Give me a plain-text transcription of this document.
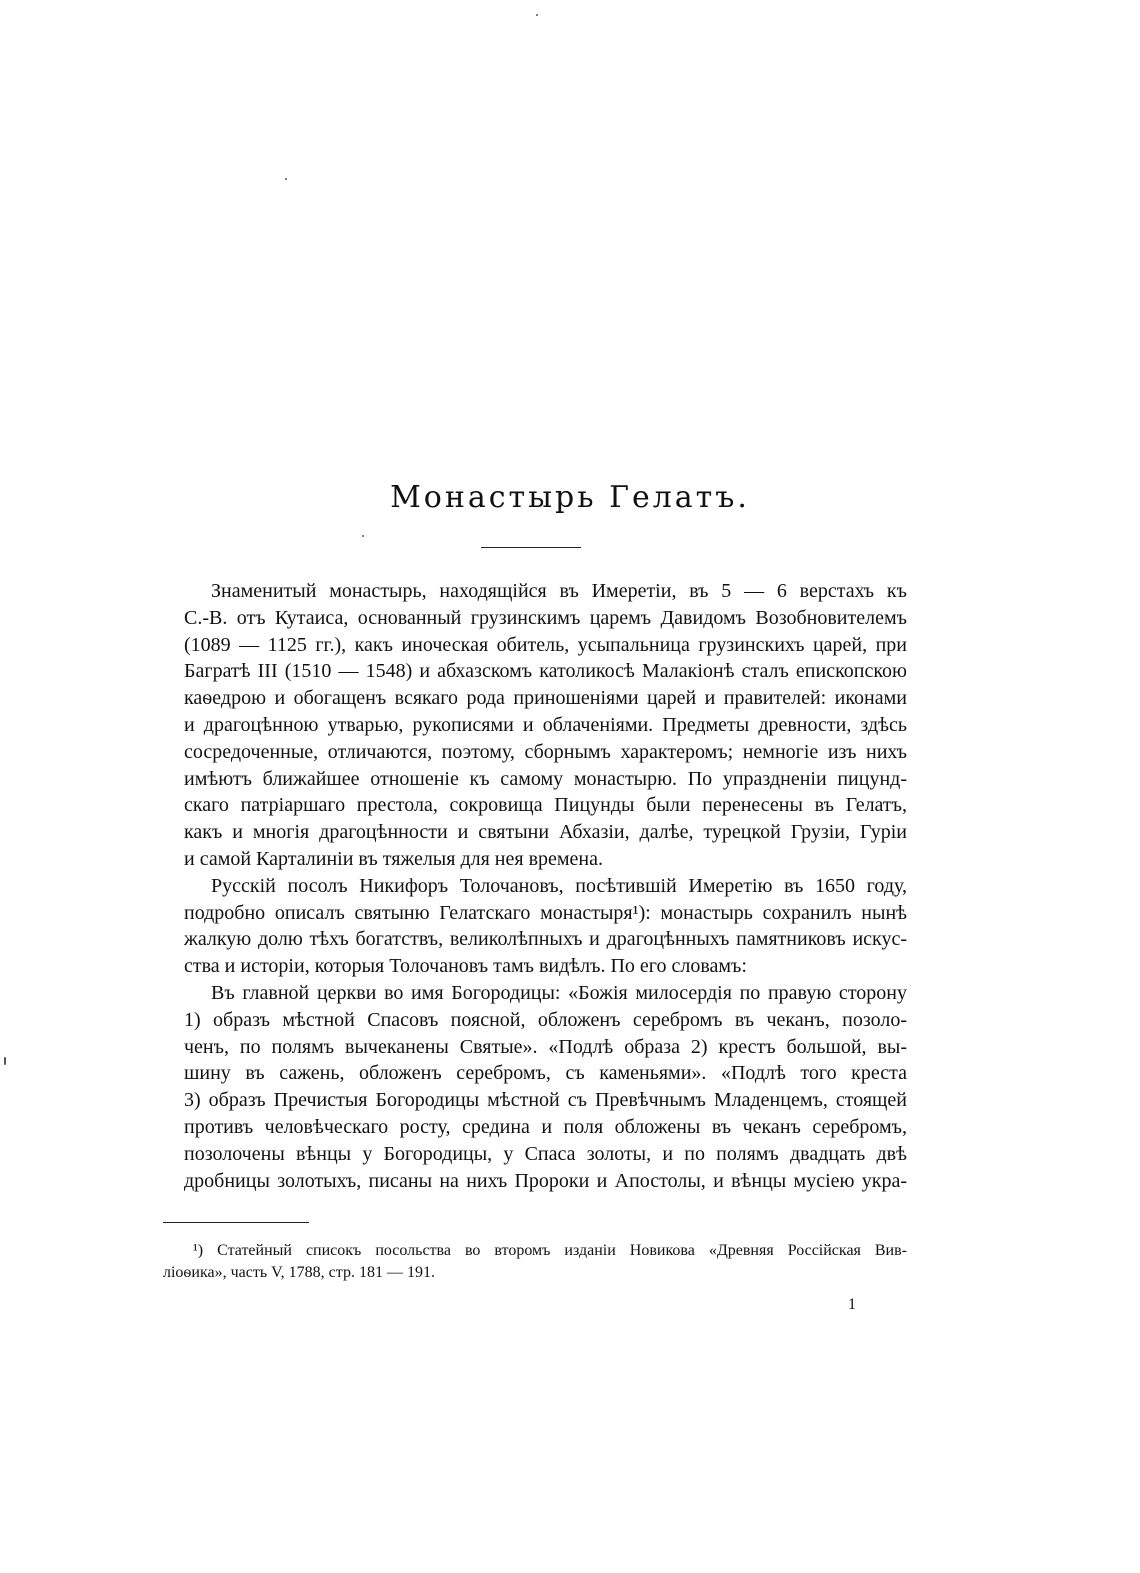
Монастырь Гелатъ.

Знаменитый монастырь, находящійся въ Имеретіи, въ 5 — 6 верстахъ къ
С.-В. отъ Кутаиса, основанный грузинскимъ царемъ Давидомъ Возобновителемъ
(1089 — 1125 гг.), какъ иноческая обитель, усыпальница грузинскихъ царей, при
Багратѣ III (1510 — 1548) и абхазскомъ католикосѣ Малакіонѣ сталъ епископскою
каѳедрою и обогащенъ всякаго рода приношеніями царей и правителей: иконами
и драгоцѣнною утварью, рукописями и облаченіями. Предметы древности, здѣсь
сосредоченные, отличаются, поэтому, сборнымъ характеромъ; немногіе изъ нихъ
имѣютъ ближайшее отношеніе къ самому монастырю. По упраздненіи пицунд-
скаго патріаршаго престола, сокровища Пицунды были перенесены въ Гелатъ,
какъ и многія драгоцѣнности и святыни Абхазіи, далѣе, турецкой Грузіи, Гуріи
и самой Карталиніи въ тяжелыя для нея времена.

Русскій посолъ Никифоръ Толочановъ, посѣтившій Имеретію въ 1650 году,
подробно описалъ святыню Гелатскаго монастыря¹): монастырь сохранилъ нынѣ
жалкую долю тѣхъ богатствъ, великолѣпныхъ и драгоцѣнныхъ памятниковъ искус-
ства и исторіи, которыя Толочановъ тамъ видѣлъ. По его словамъ:

Въ главной церкви во имя Богородицы: «Божія милосердія по правую сторону
1) образъ мѣстной Спасовъ поясной, обложенъ серебромъ въ чеканъ, позоло-
ченъ, по полямъ вычеканены Святые». «Подлѣ образа 2) крестъ большой, вы-
шину въ сажень, обложенъ серебромъ, съ каменьями». «Подлѣ того креста
3) образъ Пречистыя Богородицы мѣстной съ Превѣчнымъ Младенцемъ, стоящей
противъ человѣческаго росту, средина и поля обложены въ чеканъ серебромъ,
позолочены вѣнцы у Богородицы, у Спаса золоты, и по полямъ двадцать двѣ
дробницы золотыхъ, писаны на нихъ Пророки и Апостолы, и вѣнцы мусіею укра-

¹) Статейный списокъ посольства во второмъ изданіи Новикова «Древняя Россійская Вив-
ліоѳика», часть V, 1788, стр. 181 — 191.
1
